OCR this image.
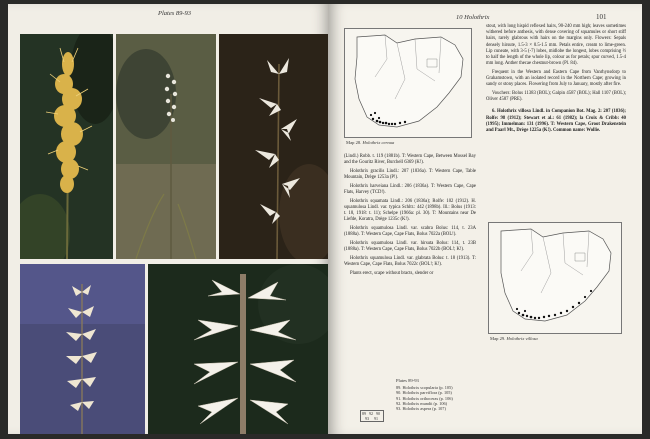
Plates 89-93
10 Holothrix	101
Map 28. Holothrix cernua

(Lindl.) Robb. t. 119 (1881b). T: Western Cape, Between Mossel Bay and the Gouritz River, Burchell 6369 (K!).

Holothrix gracilis Lindl.: 207 (1836a). T: Western Cape, Table Mountain, Drège 1253a (P!).

Holothrix harveiana Lindl.: 206 (1836a). T: Western Cape, Cape Flats, Harvey (TCD!).

Holothrix squamata Lindl.: 206 (1836a); Rolfe: 102 (1912). H. squamulosa Lindl. var. typica Schltr.: 442 (1898b). Ill.: Bolus (1913: t. 18, 1918: t. 11); Schelpe (1966a: pl. 30). T: Mountains near De Liefde, Koratra, Drège 1235c (K!).

Holothrix squamulosa Lindl. var. scabra Bolus: 114, t. 23A (1888a). T: Western Cape, Cape Flats, Bolus 7022a (BOL!).

Holothrix squamulosa Lindl. var. hirsuta Bolus: 114, t. 23B (1888a). T: Western Cape, Cape Flats, Bolus 7022b (BOL!; K!).

Holothrix squamulosa Lindl. var. glabrata Bolus: t. 18 (1913). T: Western Cape, Cape Flats, Bolus 7022c (BOL!; K!).

Plants erect, scape without bracts, slender or

stout, with long hispid reflexed hairs, 90-240 mm high; leaves sometimes withered before anthesis, with dense covering of squamules or short stiff hairs, rarely glabrous with hairs on the margins only. Flowers: Sepals densely hirsute, 1.5-3 × 0.5-1.5 mm. Petals entire, cream to lime-green. Lip cuneate, with 3-5 (-7) lobes, midlobe the longest, lobes comprising ½ to half the length of the whole lip, colour as for petals; spur curved, 1.5-4 mm long. Anther thecae chestnut-brown (Pl. 84).

Frequent in the Western and Eastern Cape from Vanrhynsdorp to Grahamstown, with an isolated record in the Northern Cape; growing in sandy or stony places. Flowering from July to January, mostly after fire.

Vouchers: Bolus 11383 (BOL); Galpin 4587 (BOL); Hall 1107 (BOL); Oliver 4587 (PRE).

6. Holothrix villosa Lindl. in Companion Bot. Mag. 2: 207 (1836); Rolfe: 98 (1912); Stewart et al.: 61 (1982); la Croix & Cribb: 40 (1995); Immelman: 131 (1996). T: Western Cape, Groot Drakenstein and Paarl Mt., Drège 1225a (K!). Common name: Wollie.

Map 29. Holothrix villosa
Plates 89-93
89. Holothrix scopularia (p. 105)
90. Holothrix parviflora (p. 105)
91. Holothrix orthoceras (p. 106)
92. Holothrix mundii (p. 106)
93. Holothrix aspera (p. 107)
89 92 90
93 91
